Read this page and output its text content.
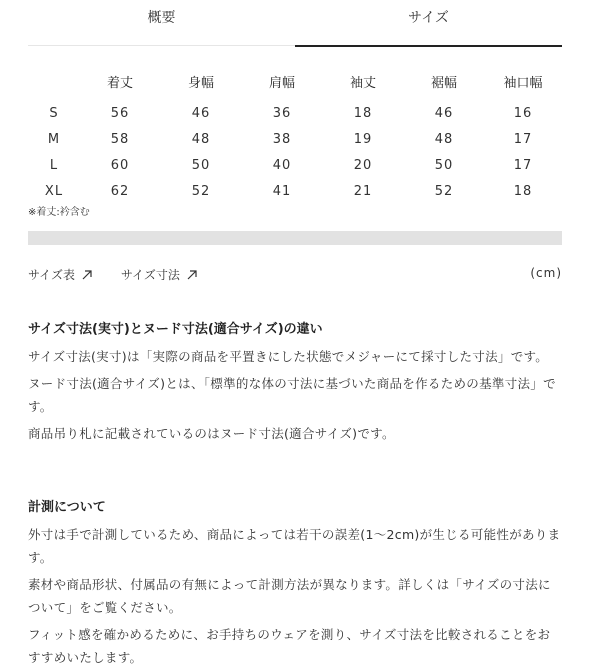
概要	サイズ
	着丈	身幅	肩幅	袖丈	裾幅	袖口幅
S	56	46	36	18	46	16
M	58	48	38	19	48	17
L	60	50	40	20	50	17
XL	62	52	41	21	52	18
※着丈:衿含む
サイズ表
	サイズ寸法	(cm)
サイズ寸法(実寸)とヌード寸法(適合サイズ)の違い

サイズ寸法(実寸)は「実際の商品を平置きにした状態でメジャーにて採寸した寸法」です。

ヌード寸法(適合サイズ)とは、「標準的な体の寸法に基づいた商品を作るための基準寸法」です。

商品吊り札に記載されているのはヌード寸法(適合サイズ)です。

計測について

外寸は手で計測しているため、商品によっては若干の誤差(1〜2cm)が生じる可能性があります。

素材や商品形状、付属品の有無によって計測方法が異なります。詳しくは「サイズの寸法について」をご覧ください。

フィット感を確かめるために、お手持ちのウェアを測り、サイズ寸法を比較されることをおすすめいたします。
